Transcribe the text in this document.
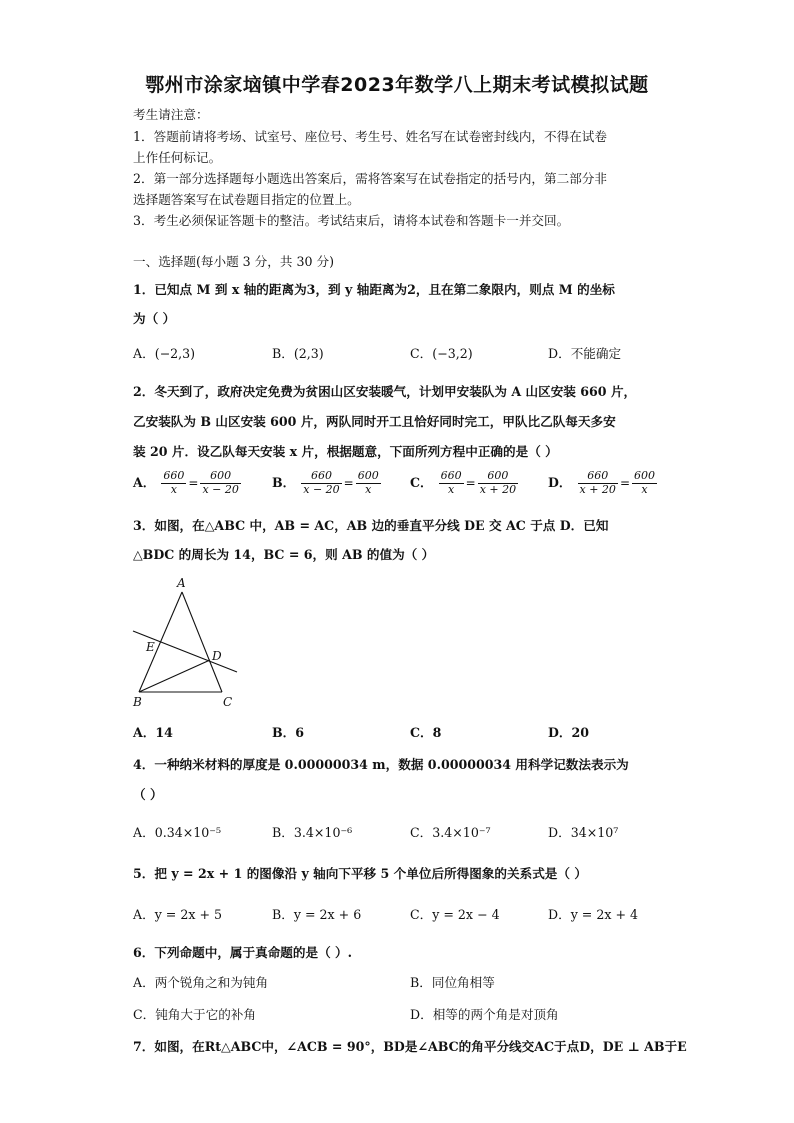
鄂州市涂家垴镇中学春2023年数学八上期末考试模拟试题
考生请注意：
1．答题前请将考场、试室号、座位号、考生号、姓名写在试卷密封线内，不得在试卷
上作任何标记。
2．第一部分选择题每小题选出答案后，需将答案写在试卷指定的括号内，第二部分非
选择题答案写在试卷题目指定的位置上。
3．考生必须保证答题卡的整洁。考试结束后，请将本试卷和答题卡一并交回。
一、选择题(每小题 3 分，共 30 分)
1．已知点 M 到 x 轴的距离为3，到 y 轴距离为2，且在第二象限内，则点 M 的坐标
为（ ）
A．(−2,3)	B．(2,3)	C．(−3,2)	D．不能确定
2．冬天到了，政府决定免费为贫困山区安装暖气，计划甲安装队为 A 山区安装 660 片，
乙安装队为 B 山区安装 600 片，两队同时开工且恰好同时完工，甲队比乙队每天多安
装 20 片．设乙队每天安装 x 片，根据题意，下面所列方程中正确的是（ ）
A． $\frac{660}{x} = \frac{600}{x - 20}$ B． $\frac{660}{x - 20} = \frac{600}{x}$ C． $\frac{660}{x} = \frac{600}{x + 20}$ D． $\frac{660}{x + 20} = \frac{600}{x}$
3．如图，在△ABC 中，AB = AC，AB 边的垂直平分线 DE 交 AC 于点 D．已知
△BDC 的周长为 14，BC = 6，则 AB 的值为（ ）
A
E
D
B	C
A．14	B．6	C．8	D．20
4．一种纳米材料的厚度是 0.00000034 m，数据 0.00000034 用科学记数法表示为
（ ）
A．0.34×10⁻⁵	B．3.4×10⁻⁶	C．3.4×10⁻⁷	D．34×10⁷
5．把 y = 2x + 1 的图像沿 y 轴向下平移 5 个单位后所得图象的关系式是（ ）
A．y = 2x + 5	B．y = 2x + 6	C．y = 2x − 4	D．y = 2x + 4
6．下列命题中，属于真命题的是（ ）.
A．两个锐角之和为钝角	B．同位角相等
C．钝角大于它的补角	D．相等的两个角是对顶角
7．如图，在Rt△ABC中，∠ACB = 90°，BD是∠ABC的角平分线交AC于点D，DE ⊥ AB于E
